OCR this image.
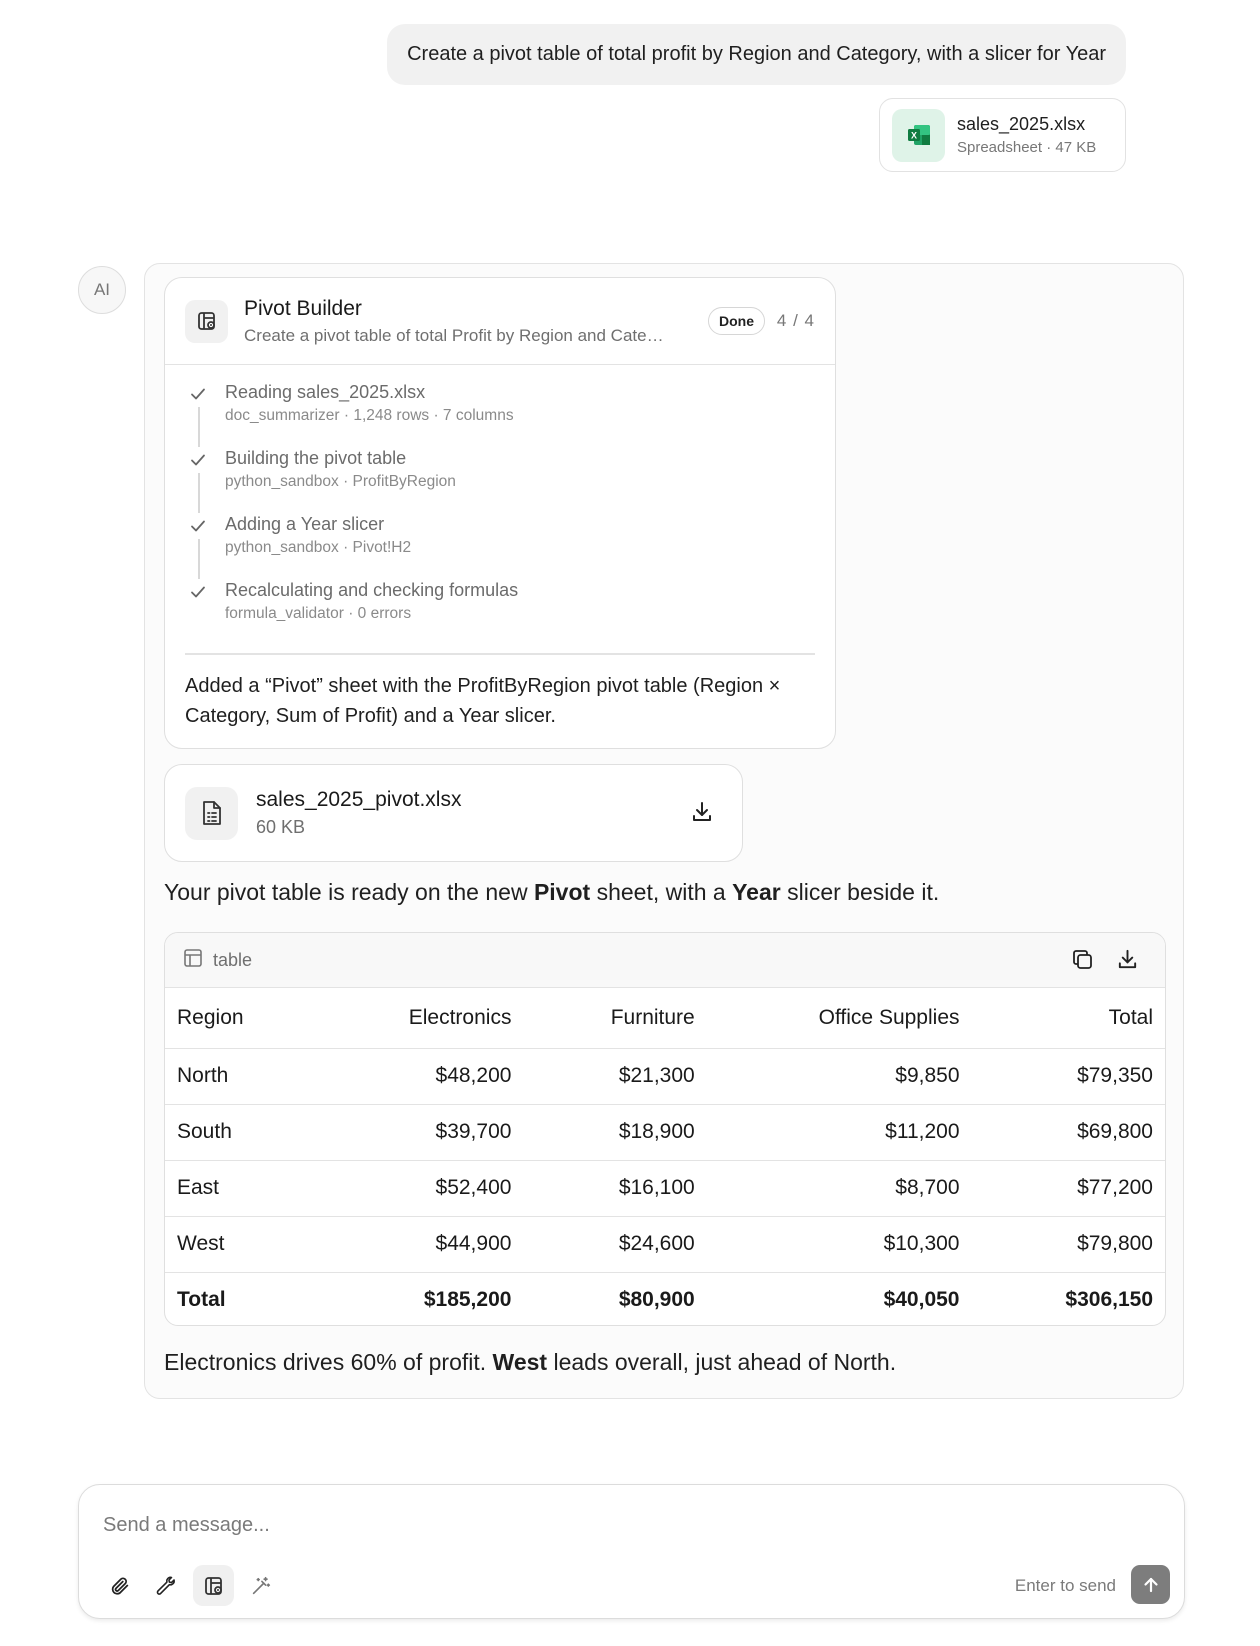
Create a pivot table of total profit by Region and Category, with a slicer for Year
X
sales_2025.xlsx
Spreadsheet · 47 KB
AI
Pivot Builder
Create a pivot table of total Profit by Region and Cate…
Done	4 / 4
Reading sales_2025.xlsx
doc_summarizer · 1,248 rows · 7 columns
Building the pivot table
python_sandbox · ProfitByRegion
Adding a Year slicer
python_sandbox · Pivot!H2
Recalculating and checking formulas
formula_validator · 0 errors
Added a “Pivot” sheet with the ProfitByRegion pivot table (Region × Category, Sum of Profit) and a Year slicer.
sales_2025_pivot.xlsx
60 KB
Your pivot table is ready on the new Pivot sheet, with a Year slicer beside it.
table
Region	Electronics	Furniture	Office Supplies	Total
North	$48,200	$21,300	$9,850	$79,350
South	$39,700	$18,900	$11,200	$69,800
East	$52,400	$16,100	$8,700	$77,200
West	$44,900	$24,600	$10,300	$79,800
Total	$185,200	$80,900	$40,050	$306,150
Electronics drives 60% of profit. West leads overall, just ahead of North.
Send a message...
Enter to send
